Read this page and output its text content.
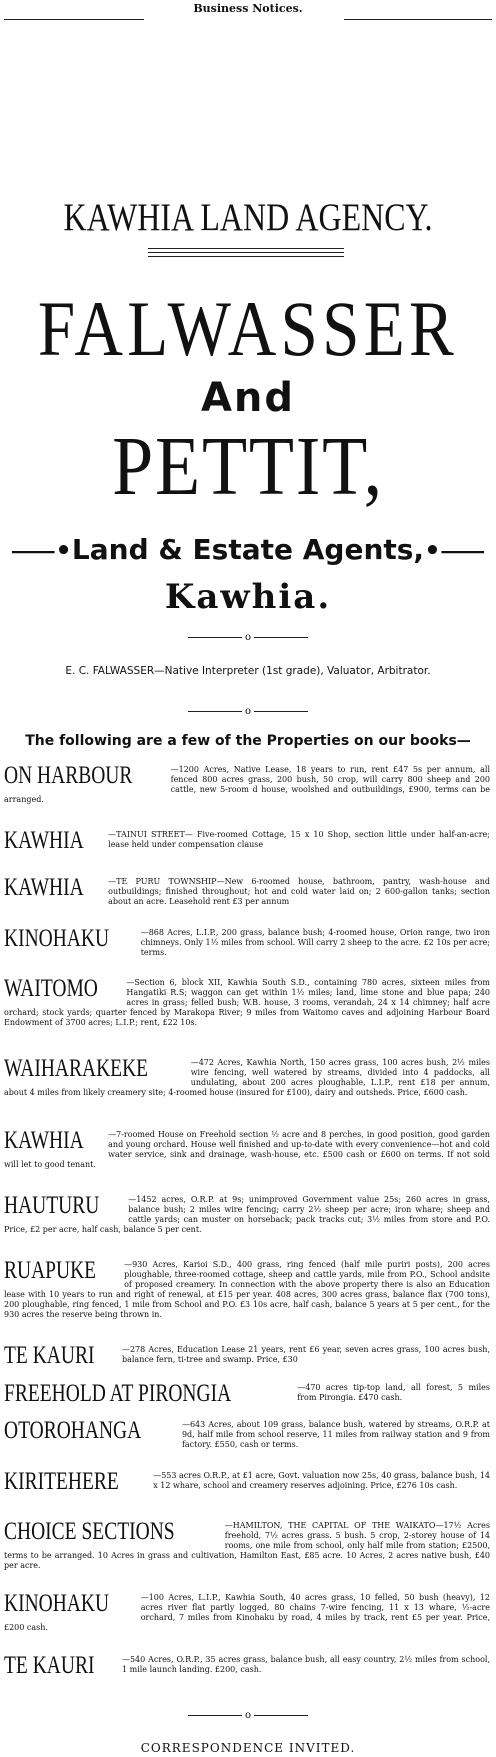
Business Notices.
KAWHIA LAND AGENCY.
FALWASSER
And
PETTIT,
⸺•Land & Estate Agents,•⸺
Kawhia.
o
E. C. FALWASSER—Native Interpreter (1st grade), Valuator, Arbitrator.
o
The following are a few of the Properties on our books—
ON HARBOUR	—1200 Acres, Native Lease, 18 years to run, rent £47 5s per annum, all fenced 800 acres grass, 200 bush, 50 crop, will carry 800 sheep and 200 cattle, new 5-room d house, woolshed and outbuildings, £900, terms can be arranged.
KAWHIA	—TAINUI STREET— Five-roomed Cottage, 15 x 10 Shop, section little under half-an-acre; lease held under compensation clause
KAWHIA	—TE PURU TOWNSHIP—New 6-roomed house, bathroom, pantry, wash-house and outbuildings; finished throughout; hot and cold water laid on; 2 600-gallon tanks; section about an acre. Leasehold rent £3 per annum
KINOHAKU	—868 Acres, L.I.P., 200 grass, balance bush; 4-roomed house, Orion range, two iron chimneys. Only 1½ miles from school. Will carry 2 sheep to the acre. £2 10s per acre; terms.
WAITOMO	—Section 6, block XII, Kawhia South S.D., containing 780 acres, sixteen miles from Hangatiki R.S; waggon can get within 1½ miles; land, lime stone and blue papa; 240 acres in grass; felled bush; W.B. house, 3 rooms, verandah, 24 x 14 chimney; half acre orchard; stock yards; quarter fenced by Marakopa River; 9 miles from Waitomo caves and adjoining Harbour Board Endowment of 3700 acres; L.I.P.; rent, £22 10s.
WAIHARAKEKE	—472 Acres, Kawhia North, 150 acres grass, 100 acres bush, 2½ miles wire fencing, well watered by streams, divided into 4 paddocks, all undulating, about 200 acres ploughable, L.I.P., rent £18 per annum, about 4 miles from likely creamery site; 4-roomed house (insured for £100), dairy and outsheds. Price, £600 cash.
KAWHIA	—7-roomed House on Freehold section ½ acre and 8 perches, in good position, good garden and young orchard. House well finished and up-to-date with every convenience—hot and cold water service, sink and drainage, wash-house, etc. £500 cash or £600 on terms. If not sold will let to good tenant.
HAUTURU	—1452 acres, O.R.P. at 9s; unimproved Government value 25s; 260 acres in grass, balance bush; 2 miles wire fencing; carry 2½ sheep per acre; iron whare; sheep and cattle yards; can muster on horseback; pack tracks cut; 3½ miles from store and P.O. Price, £2 per acre, half cash, balance 5 per cent.
RUAPUKE	—930 Acres, Karioi S.D., 400 grass, ring fenced (half mile puriri posts), 200 acres ploughable, three-roomed cottage, sheep and cattle yards, mile from P.O., School andsite of proposed creamery. In connection with the above property there is also an Education lease with 10 years to run and right of renewal, at £15 per year. 408 acres, 300 acres grass, balance flax (700 tons), 200 ploughable, ring fenced, 1 mile from School and P.O. £3 10s acre, half cash, balance 5 years at 5 per cent., for the 930 acres the reserve being thrown in.
TE KAURI	—278 Acres, Education Lease 21 years, rent £6 year, seven acres grass, 100 acres bush, balance fern, ti-tree and swamp. Price, £30
FREEHOLD AT PIRONGIA	—470 acres tip-top land, all forest, 5 miles from Pirongia. £470 cash.
OTOROHANGA	—643 Acres, about 109 grass, balance bush, watered by streams, O.R.P. at 9d, half mile from school reserve, 11 miles from railway station and 9 from factory. £550, cash or terms.
KIRITEHERE	—553 acres O.R.P., at £1 acre, Govt. valuation now 25s, 40 grass, balance bush, 14 x 12 whare, school and creamery reserves adjoining. Price, £276 10s cash.
CHOICE SECTIONS	—HAMILTON, THE CAPITAL OF THE WAIKATO—17½ Acres freehold, 7½ acres grass. 5 bush. 5 crop, 2-storey house of 14 rooms, one mile from school, only half mile from station; £2500, terms to be arranged. 10 Acres in grass and cultivation, Hamilton East, £85 acre. 10 Acres, 2 acres native bush, £40 per acre.
KINOHAKU	—100 Acres, L.I.P., Kawhia South, 40 acres grass, 10 felled, 50 bush (heavy), 12 acres river flat partly logged, 80 chains 7-wire fencing, 11 x 13 whare, ½-acre orchard, 7 miles from Kinohaku by road, 4 miles by track, rent £5 per year. Price, £200 cash.
TE KAURI	—540 Acres, O.R.P., 35 acres grass, balance bush, all easy country, 2½ miles from school, 1 mile launch landing. £200, cash.
o
CORRESPONDENCE INVITED.
